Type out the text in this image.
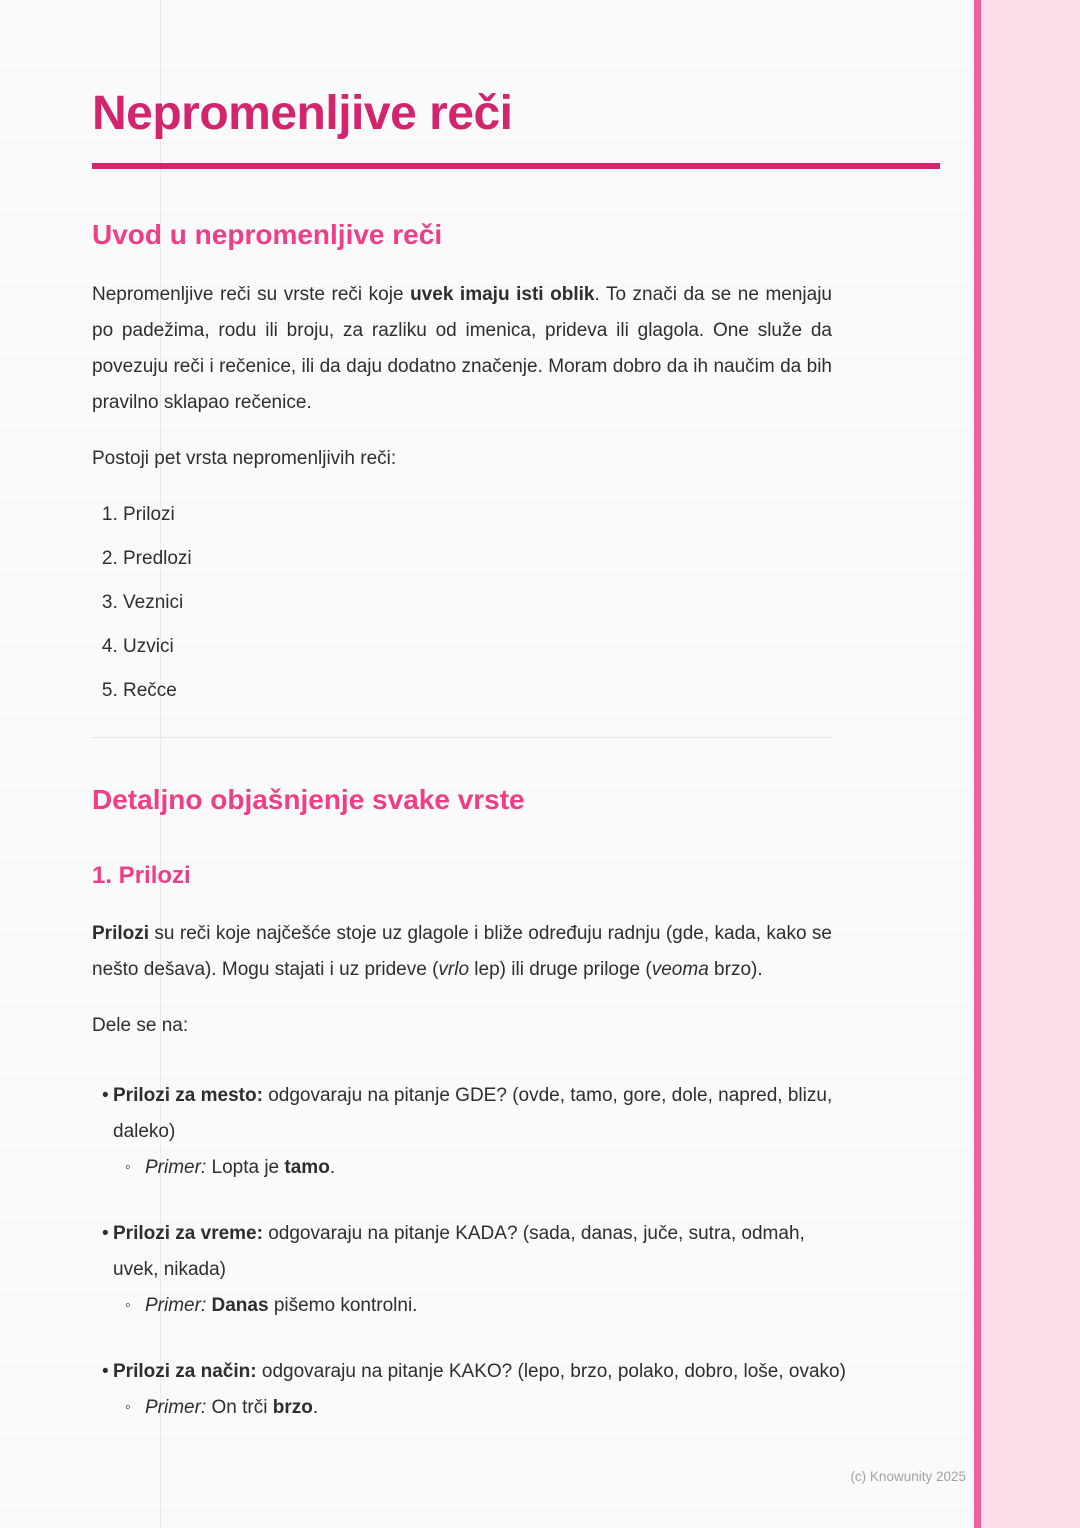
Nepromenljive reči
Uvod u nepromenljive reči

Nepromenljive reči su vrste reči koje uvek imaju isti oblik. To znači da se ne menjaju po padežima, rodu ili broju, za razliku od imenica, prideva ili glagola. One služe da povezuju reči i rečenice, ili da daju dodatno značenje. Moram dobro da ih naučim da bih pravilno sklapao rečenice.

Postoji pet vrsta nepromenljivih reči:

1. Prilozi
2. Predlozi
3. Veznici
4. Uzvici
5. Rečce
Detaljno objašnjenje svake vrste
1. Prilozi

Prilozi su reči koje najčešće stoje uz glagole i bliže određuju radnju (gde, kada, kako se nešto dešava). Mogu stajati i uz prideve (vrlo lep) ili druge priloge (veoma brzo).

Dele se na:

• Prilozi za mesto: odgovaraju na pitanje GDE? (ovde, tamo, gore, dole, napred, blizu, daleko)

◦ Primer: Lopta je tamo.

• Prilozi za vreme: odgovaraju na pitanje KADA? (sada, danas, juče, sutra, odmah, uvek, nikada)

◦ Primer: Danas pišemo kontrolni.

• Prilozi za način: odgovaraju na pitanje KAKO? (lepo, brzo, polako, dobro, loše, ovako)

◦ Primer: On trči brzo.

(c) Knowunity 2025
